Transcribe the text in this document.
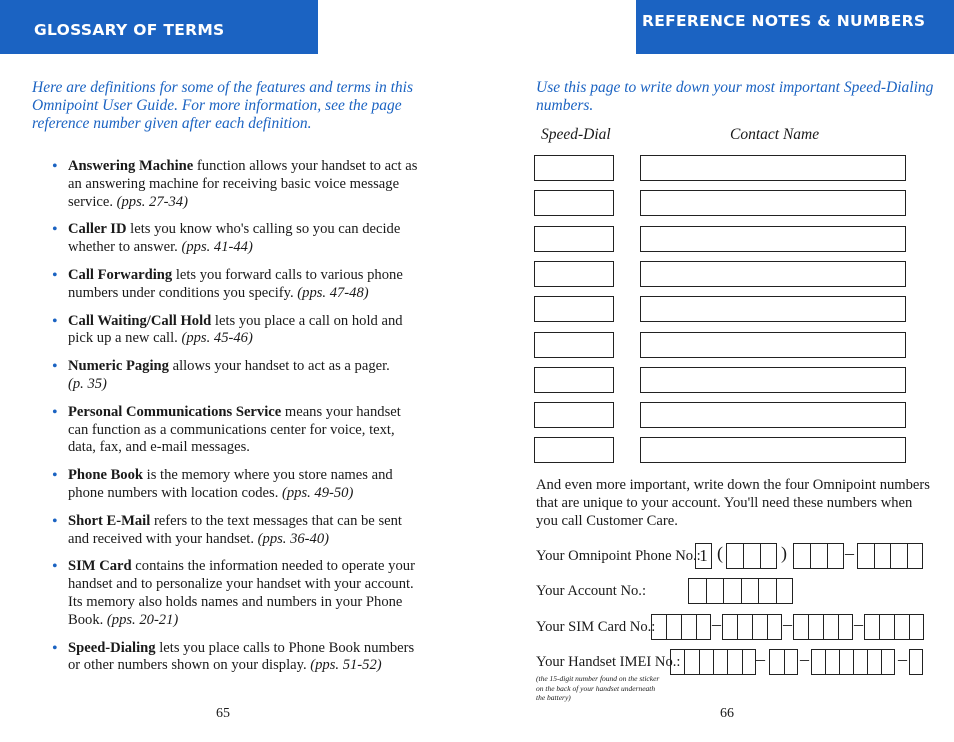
GLOSSARY OF TERMS
Here are definitions for some of the features and terms in this Omnipoint User Guide. For more information, see the page reference number given after each definition.
• Answering Machine function allows your handset to act as an answering machine for receiving basic voice message service. (pps. 27-34)
• Caller ID lets you know who's calling so you can decide whether to answer. (pps. 41-44)
• Call Forwarding lets you forward calls to various phone numbers under conditions you specify. (pps. 47-48)
• Call Waiting/Call Hold lets you place a call on hold and pick up a new call. (pps. 45-46)
• Numeric Paging allows your handset to act as a pager.
(p. 35)
• Personal Communications Service means your handset can function as a communications center for voice, text, data, fax, and e-mail messages.
• Phone Book is the memory where you store names and phone numbers with location codes. (pps. 49-50)
• Short E-Mail refers to the text messages that can be sent and received with your handset. (pps. 36-40)
• SIM Card contains the information needed to operate your handset and to personalize your handset with your account. Its memory also holds names and numbers in your Phone Book. (pps. 20-21)
• Speed-Dialing lets you place calls to Phone Book numbers or other numbers shown on your display. (pps. 51-52)
65
REFERENCE NOTES & NUMBERS
Use this page to write down your most important Speed-Dialing numbers.
Speed-Dial	Contact Name
And even more important, write down the four Omnipoint numbers that are unique to your account. You'll need these numbers when you call Customer Care.
Your Omnipoint Phone No.:
1 (	)	–
Your Account No.:
Your SIM Card No.:	–	–	–
Your Handset IMEI No.:	– –	–
(the 15-digit number found on the sticker on the back of your handset underneath the battery)
66
